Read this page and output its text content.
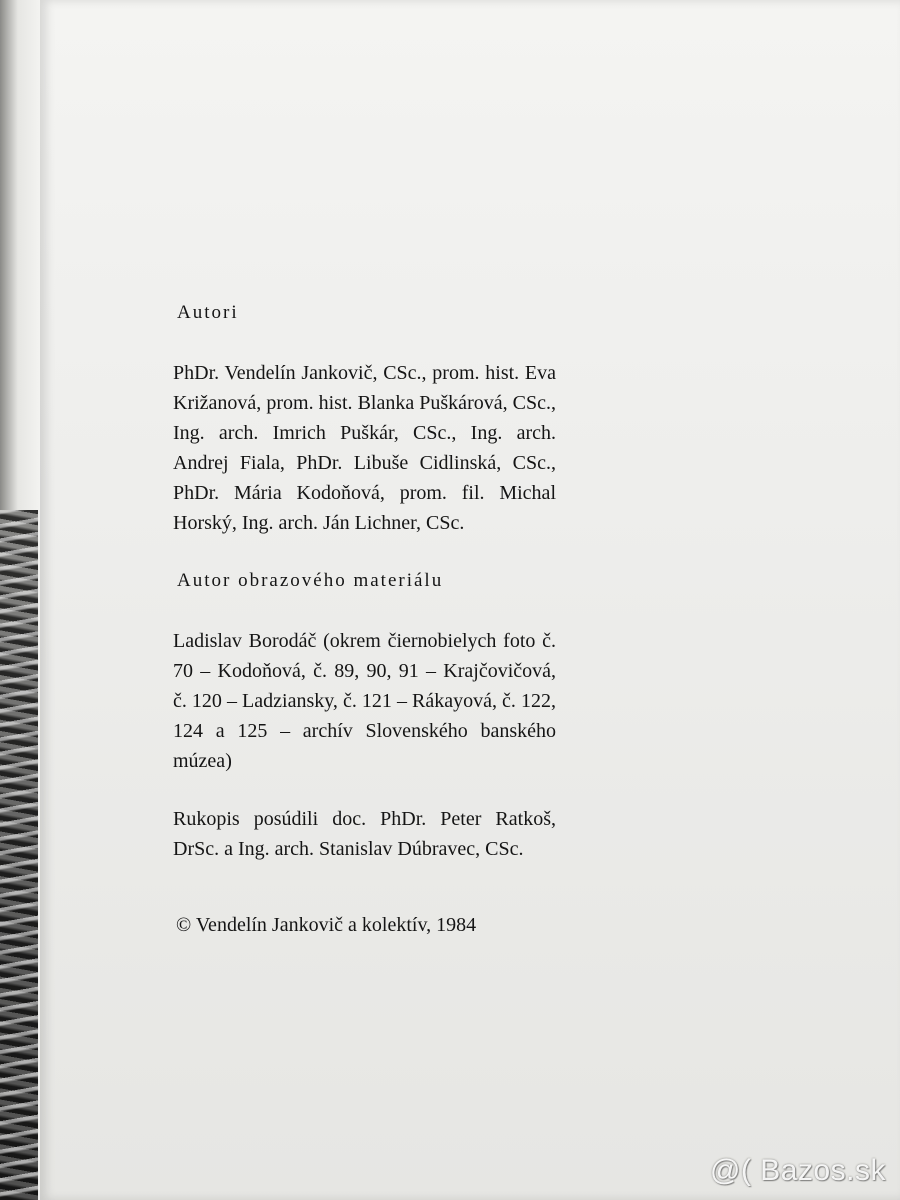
Autori
PhDr. Vendelín Jankovič, CSc., prom. hist. Eva Križanová, prom. hist. Blanka Puškárová, CSc., Ing. arch. Imrich Puškár, CSc., Ing. arch. Andrej Fiala, PhDr. Libuše Cidlinská, CSc., PhDr. Mária Kodoňová, prom. fil. Michal Horský, Ing. arch. Ján Lichner, CSc.
Autor obrazového materiálu
Ladislav Borodáč (okrem čiernobielych foto č. 70 – Kodoňová, č. 89, 90, 91 – Krajčovičová, č. 120 – Ladziansky, č. 121 – Rákayová, č. 122, 124 a 125 – archív Slovenského banského múzea)
Rukopis posúdili doc. PhDr. Peter Ratkoš, DrSc. a Ing. arch. Stanislav Dúbravec, CSc.
© Vendelín Jankovič a kolektív, 1984
@( Bazos.sk
